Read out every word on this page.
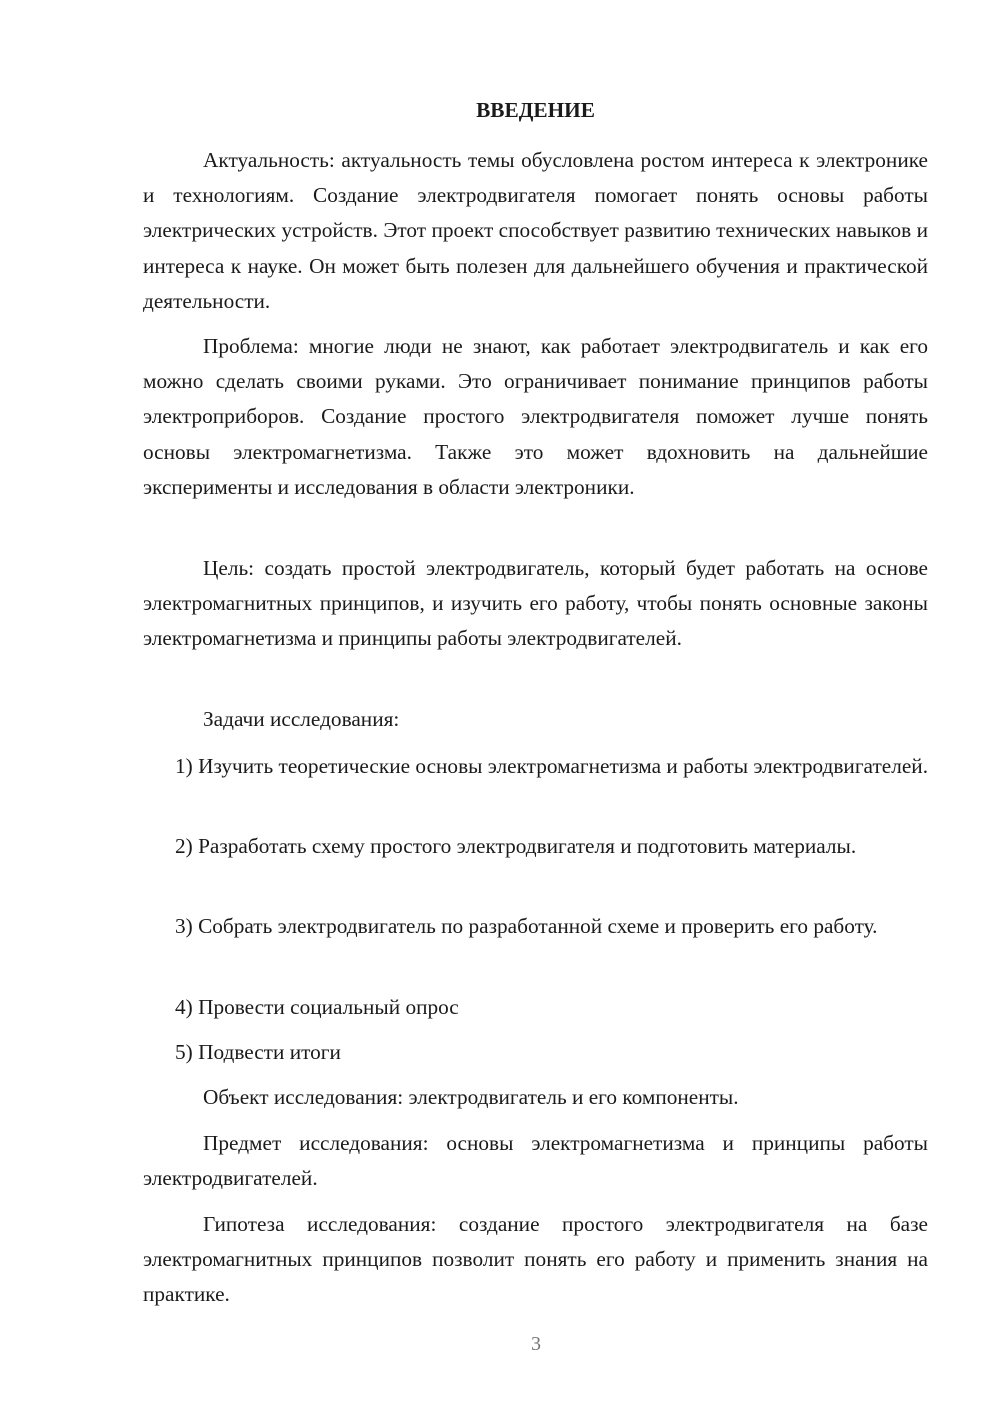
ВВЕДЕНИЕ

Актуальность: актуальность темы обусловлена ростом интереса к электронике и технологиям. Создание электродвигателя помогает понять основы работы электрических устройств. Этот проект способствует развитию технических навыков и интереса к науке. Он может быть полезен для дальнейшего обучения и практической деятельности.

Проблема: многие люди не знают, как работает электродвигатель и как его можно сделать своими руками. Это ограничивает понимание принципов работы электроприборов. Создание простого электродвигателя поможет лучше понять основы электромагнетизма. Также это может вдохновить на дальнейшие эксперименты и исследования в области электроники.

Цель: создать простой электродвигатель, который будет работать на основе электромагнитных принципов, и изучить его работу, чтобы понять основные законы электромагнетизма и принципы работы электродвигателей.

Задачи исследования:

1) Изучить теоретические основы электромагнетизма и работы электродвигателей.

2) Разработать схему простого электродвигателя и подготовить материалы.

3) Собрать электродвигатель по разработанной схеме и проверить его работу.

4) Провести социальный опрос

5) Подвести итоги

Объект исследования: электродвигатель и его компоненты.

Предмет исследования: основы электромагнетизма и принципы работы электродвигателей.

Гипотеза исследования: создание простого электродвигателя на базе электромагнитных принципов позволит понять его работу и применить знания на практике.

3
